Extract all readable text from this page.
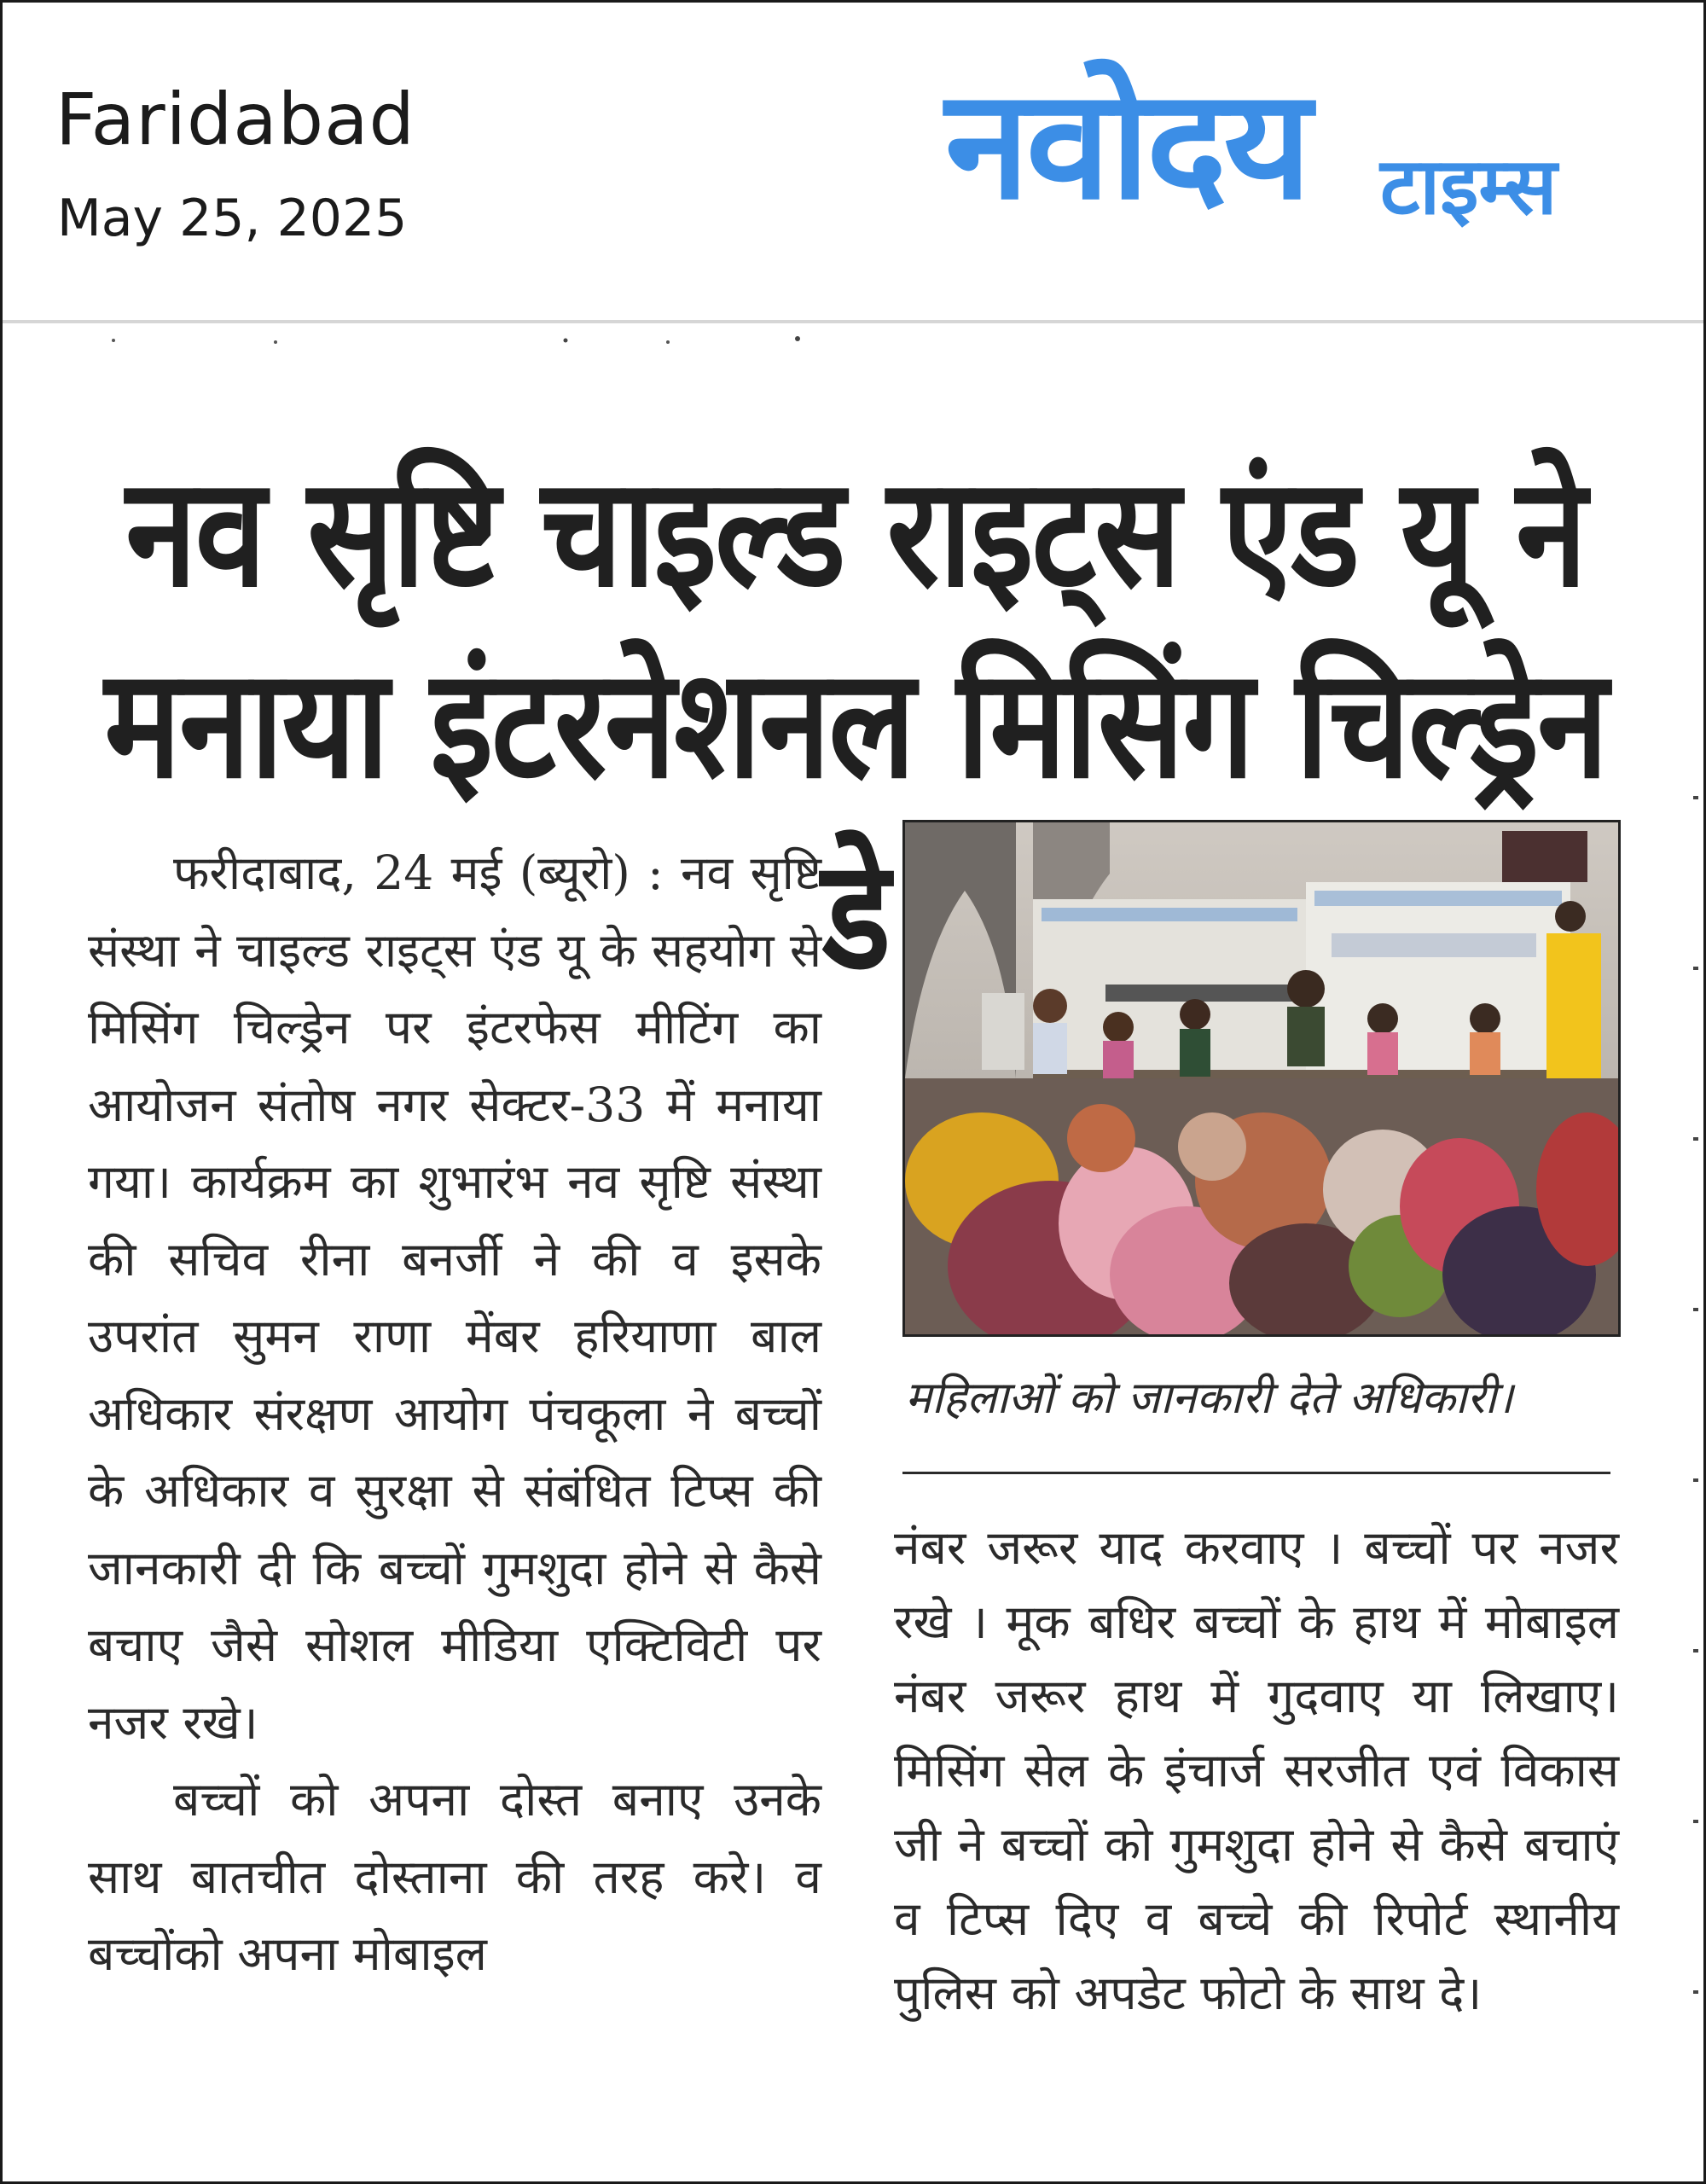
Faridabad
May 25, 2025	नवोदय टाइम्स
नव सृष्टि चाइल्ड राइट्स एंड यू ने
मनाया इंटरनेशनल मिसिंग चिल्ड्रेन डे

फरीदाबाद, 24 मई (ब्यूरो) : नव सृष्टि संस्था ने चाइल्ड राइट्स एंड यू के सहयोग से मिसिंग चिल्ड्रेन पर इंटरफेस मीटिंग का आयोजन संतोष नगर सेक्टर-33 में मनाया गया। कार्यक्रम का शुभारंभ नव सृष्टि संस्था की सचिव रीना बनर्जी ने की व इसके उपरांत सुमन राणा मेंबर हरियाणा बाल अधिकार संरक्षण आयोग पंचकूला ने बच्चों के अधिकार व सुरक्षा से संबंधित टिप्स की जानकारी दी कि बच्चों गुमशुदा होने से कैसे बचाए जैसे सोशल मीडिया एक्टिविटी पर नजर रखे।

बच्चों को अपना दोस्त बनाए उनके साथ बातचीत दोस्ताना की तरह करे। व बच्चोंको अपना मोबाइल

महिलाओं को जानकारी देते अधिकारी।

नंबर जरूर याद करवाए । बच्चों पर नजर रखे । मूक बधिर बच्चों के हाथ में मोबाइल नंबर जरूर हाथ में गुदवाए या लिखाए। मिसिंग सेल के इंचार्ज सरजीत एवं विकास जी ने बच्चों को गुमशुदा होने से कैसे बचाएं व टिप्स दिए व बच्चे की रिपोर्ट स्थानीय पुलिस को अपडेट फोटो के साथ दे।
